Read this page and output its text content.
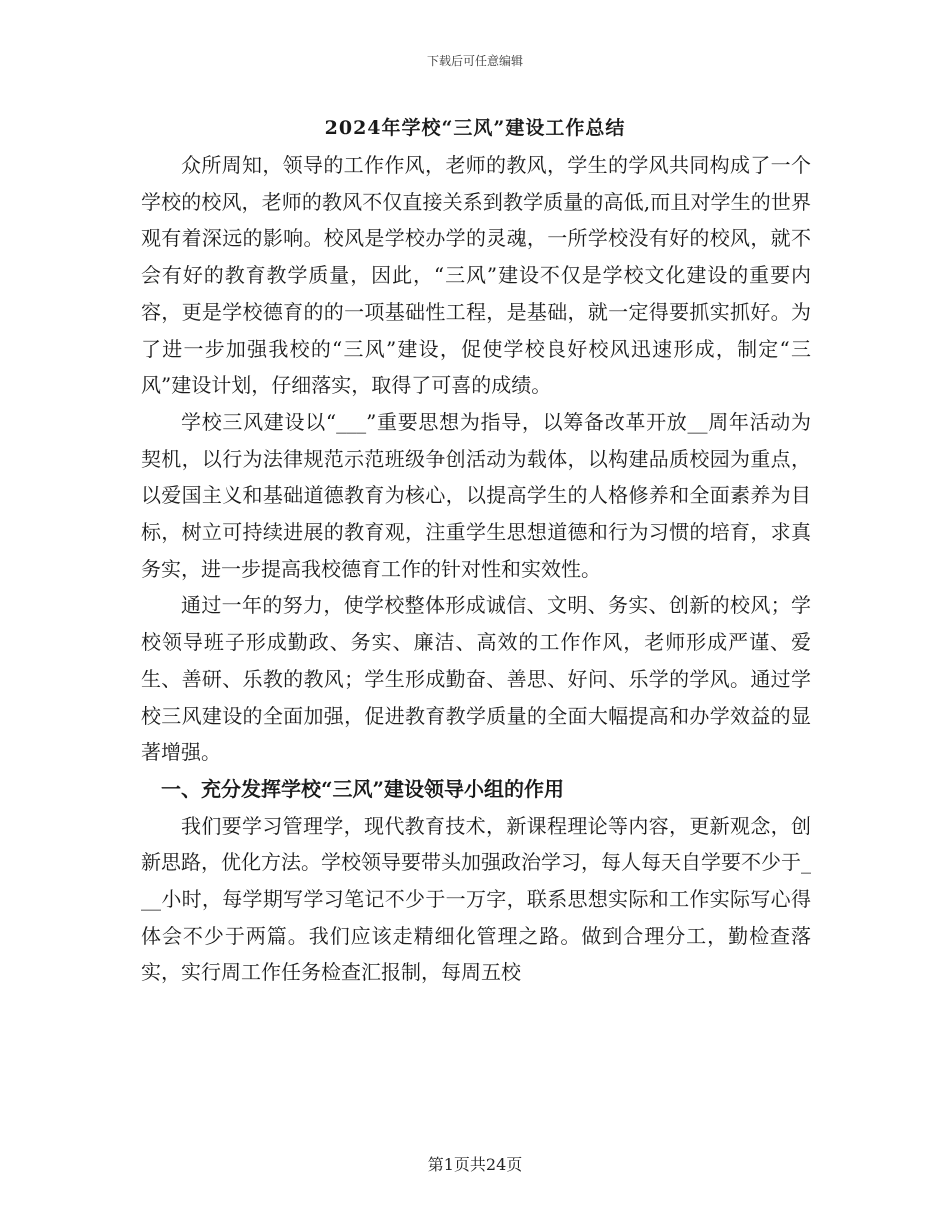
下载后可任意编辑
2024年学校“三风”建设工作总结

众所周知，领导的工作作风，老师的教风，学生的学风共同构成了一个学校的校风，老师的教风不仅直接关系到教学质量的高低,而且对学生的世界观有着深远的影响。校风是学校办学的灵魂，一所学校没有好的校风，就不会有好的教育教学质量，因此，“三风”建设不仅是学校文化建设的重要内容，更是学校德育的的一项基础性工程，是基础，就一定得要抓实抓好。为了进一步加强我校的“三风”建设，促使学校良好校风迅速形成，制定“三风”建设计划，仔细落实，取得了可喜的成绩。

学校三风建设以“___”重要思想为指导，以筹备改革开放__周年活动为契机，以行为法律规范示范班级争创活动为载体，以构建品质校园为重点，以爱国主义和基础道德教育为核心，以提高学生的人格修养和全面素养为目标，树立可持续进展的教育观，注重学生思想道德和行为习惯的培育，求真务实，进一步提高我校德育工作的针对性和实效性。

通过一年的努力，使学校整体形成诚信、文明、务实、创新的校风；学校领导班子形成勤政、务实、廉洁、高效的工作作风，老师形成严谨、爱生、善研、乐教的教风；学生形成勤奋、善思、好问、乐学的学风。通过学校三风建设的全面加强，促进教育教学质量的全面大幅提高和办学效益的显著增强。

一、充分发挥学校“三风”建设领导小组的作用

我们要学习管理学，现代教育技术，新课程理论等内容，更新观念，创新思路，优化方法。学校领导要带头加强政治学习，每人每天自学要不少于___小时，每学期写学习笔记不少于一万字，联系思想实际和工作实际写心得体会不少于两篇。我们应该走精细化管理之路。做到合理分工，勤检查落实，实行周工作任务检查汇报制，每周五校

第1页共24页
